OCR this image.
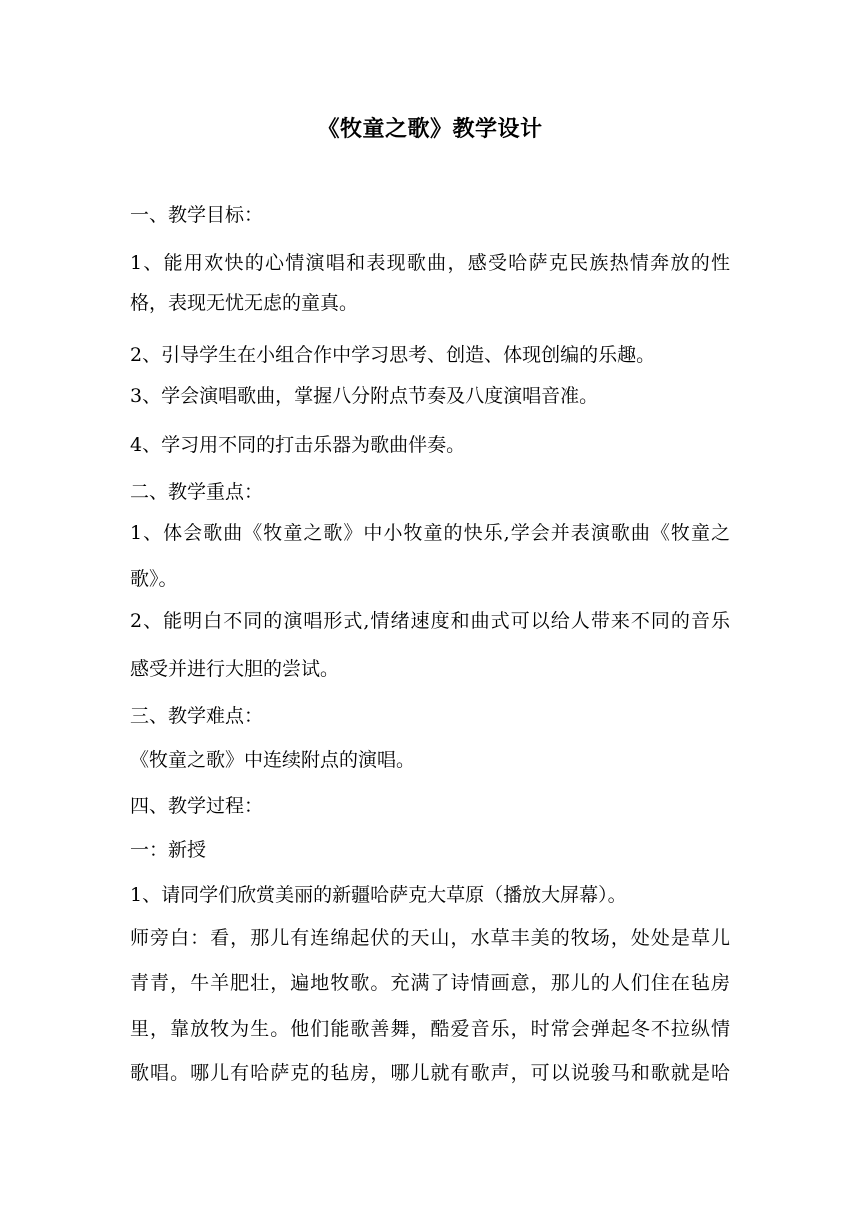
《牧童之歌》教学设计

一、教学目标：

1、能用欢快的心情演唱和表现歌曲，感受哈萨克民族热情奔放的性

格，表现无忧无虑的童真。

2、引导学生在小组合作中学习思考、创造、体现创编的乐趣。

3、学会演唱歌曲，掌握八分附点节奏及八度演唱音准。

4、学习用不同的打击乐器为歌曲伴奏。

二、教学重点：

1、体会歌曲《牧童之歌》中小牧童的快乐,学会并表演歌曲《牧童之

歌》。

2、能明白不同的演唱形式,情绪速度和曲式可以给人带来不同的音乐

感受并进行大胆的尝试。

三、教学难点：

《牧童之歌》中连续附点的演唱。

四、教学过程：

一：新授

1、请同学们欣赏美丽的新疆哈萨克大草原（播放大屏幕）。

师旁白：看，那儿有连绵起伏的天山，水草丰美的牧场，处处是草儿

青青，牛羊肥壮，遍地牧歌。充满了诗情画意，那儿的人们住在毡房

里，靠放牧为生。他们能歌善舞，酷爱音乐，时常会弹起冬不拉纵情

歌唱。哪儿有哈萨克的毡房，哪儿就有歌声，可以说骏马和歌就是哈
